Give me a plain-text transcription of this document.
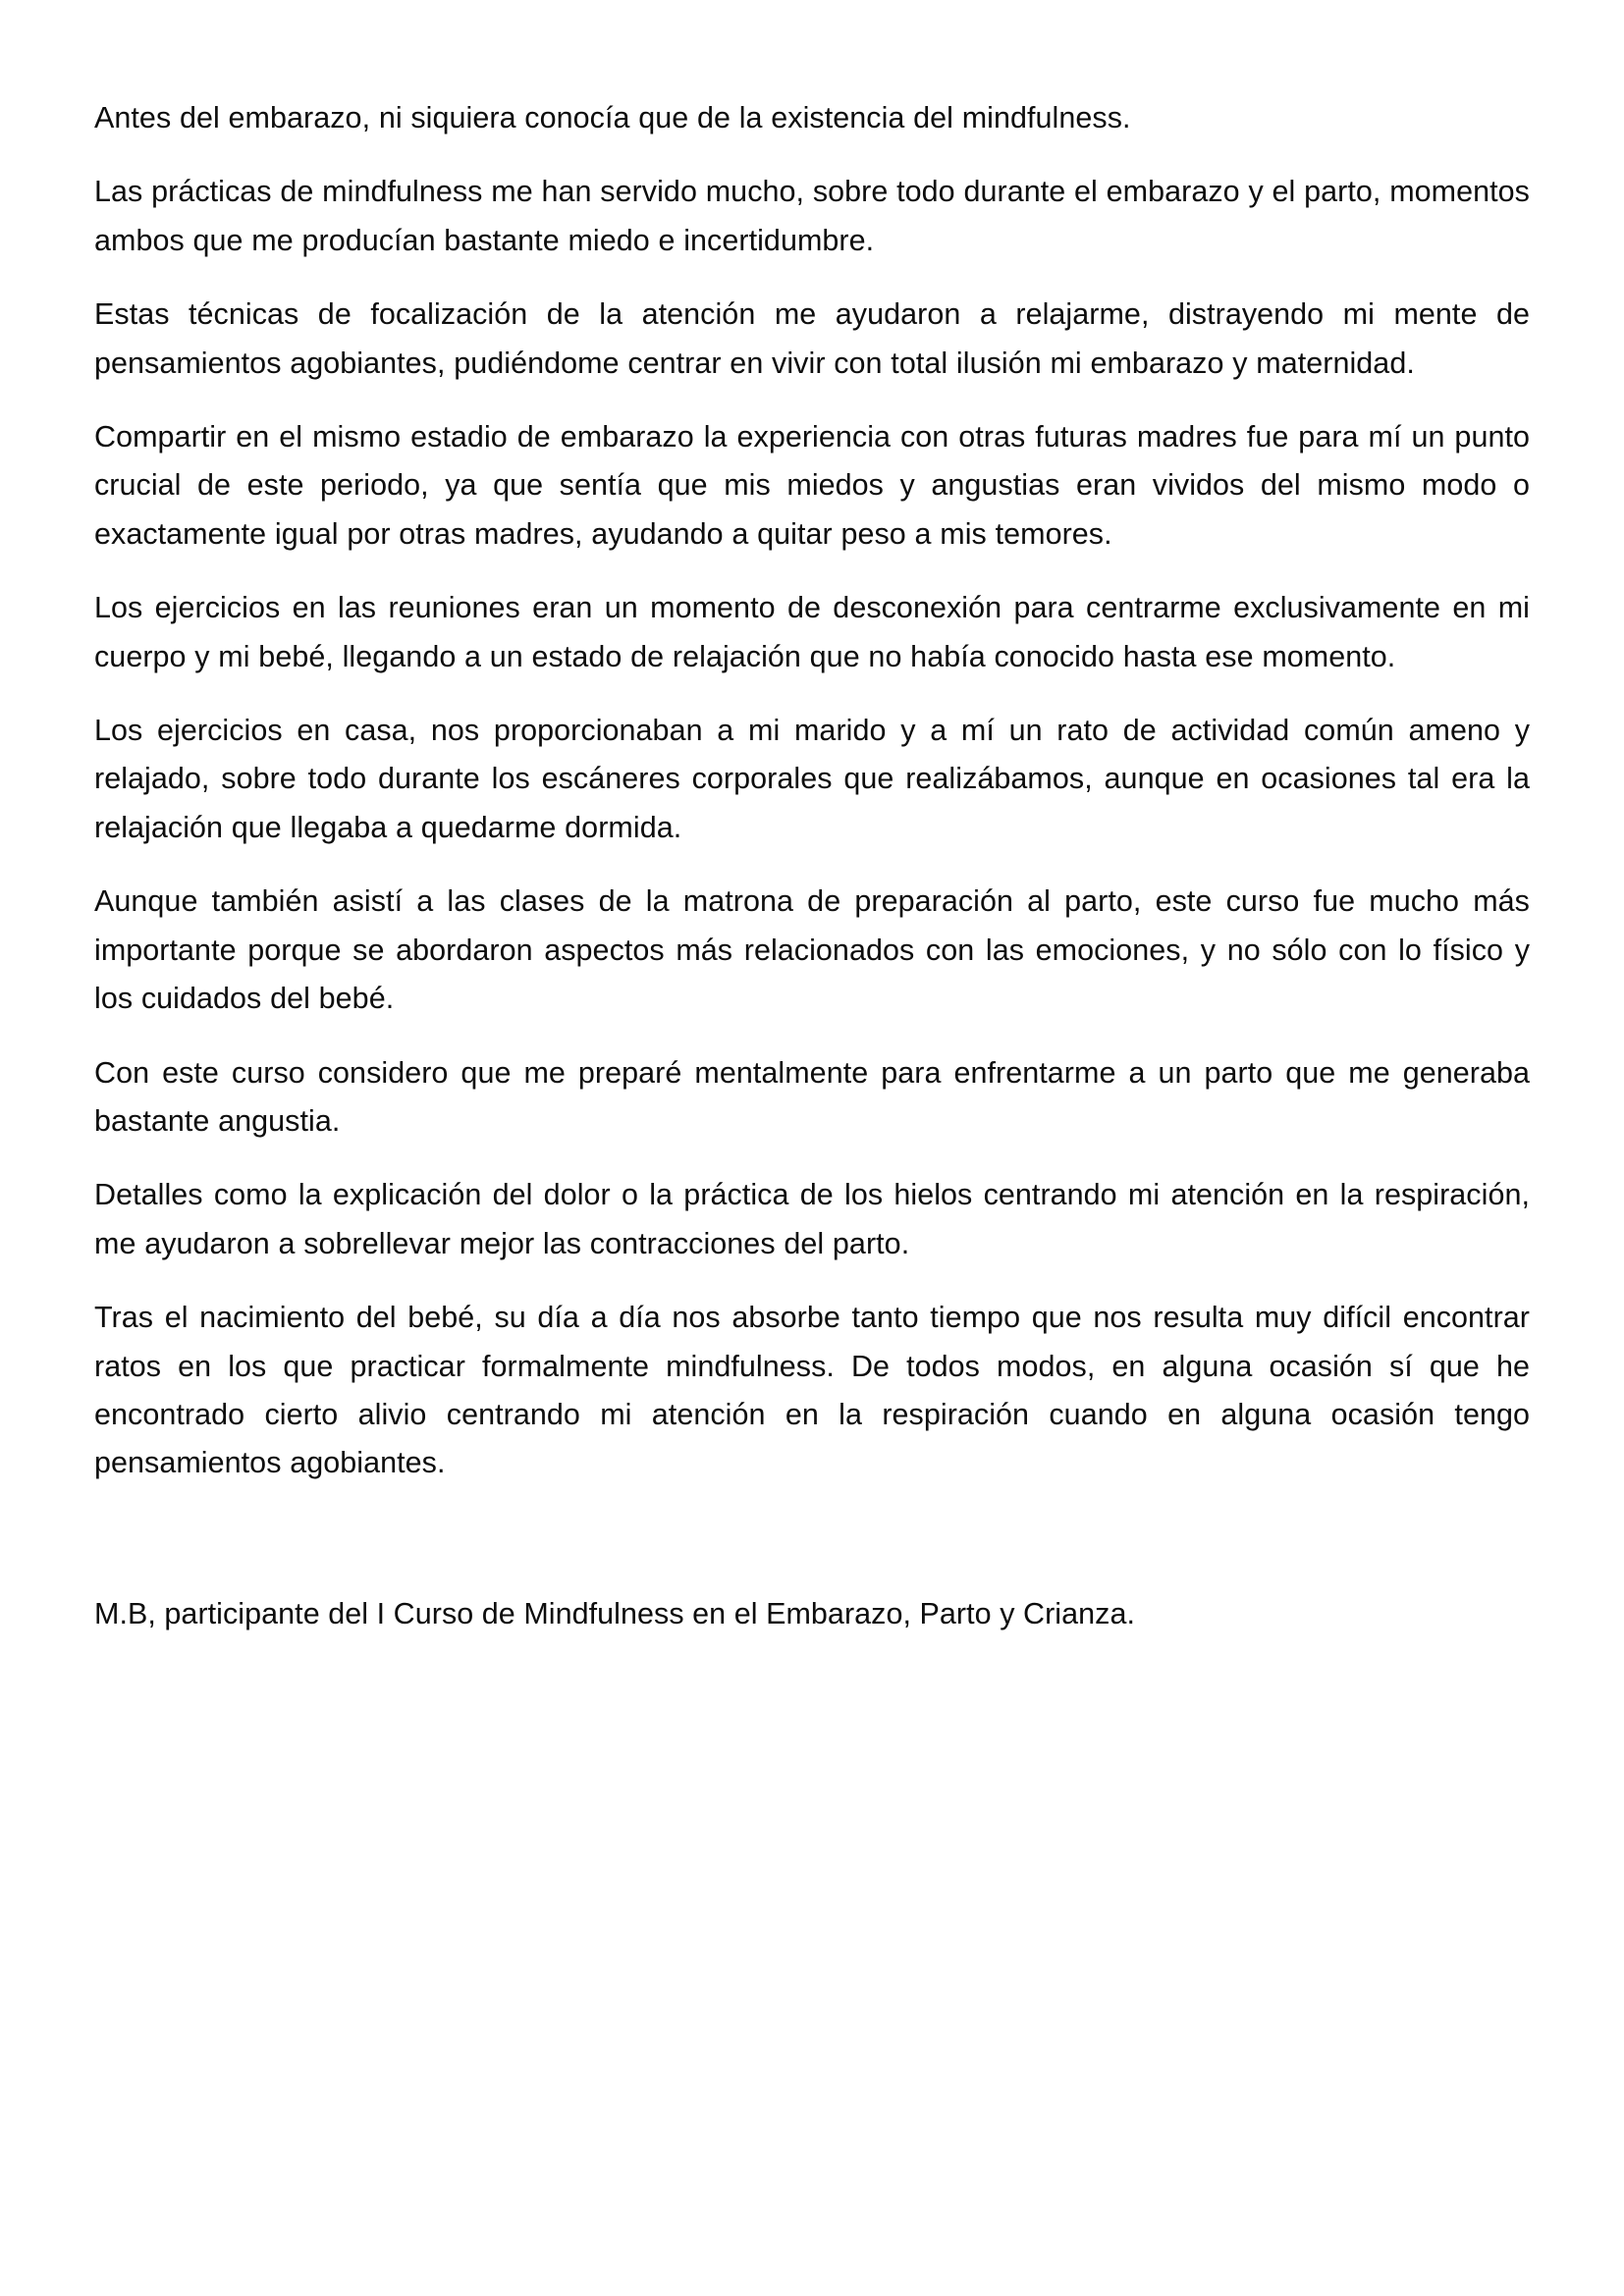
Antes del embarazo, ni siquiera conocía que de la existencia del mindfulness.

Las prácticas de mindfulness me han servido mucho, sobre todo durante el embarazo y el parto, momentos ambos que me producían bastante miedo e incertidumbre.

Estas técnicas de focalización de la atención me ayudaron a relajarme, distrayendo mi mente de pensamientos agobiantes, pudiéndome centrar en vivir con total ilusión mi embarazo y maternidad.

Compartir en el mismo estadio de embarazo la experiencia con otras futuras madres fue para mí un punto crucial de este periodo, ya que sentía que mis miedos y angustias eran vividos del mismo modo o exactamente igual por otras madres, ayudando a quitar peso a mis temores.

Los ejercicios en las reuniones eran un momento de desconexión para centrarme exclusivamente en mi cuerpo y mi bebé, llegando a un estado de relajación que no había conocido hasta ese momento.

Los ejercicios en casa, nos proporcionaban a mi marido y a mí un rato de actividad común ameno y relajado, sobre todo durante los escáneres corporales que realizábamos, aunque en ocasiones tal era la relajación que llegaba a quedarme dormida.

Aunque también asistí a las clases de la matrona de preparación al parto, este curso fue mucho más importante porque se abordaron aspectos más relacionados con las emociones, y no sólo con lo físico y los cuidados del bebé.

Con este curso considero que me preparé mentalmente para enfrentarme a un parto que me generaba bastante angustia.

Detalles como la explicación del dolor o la práctica de los hielos centrando mi atención en la respiración, me ayudaron a sobrellevar mejor las contracciones del parto.

Tras el nacimiento del bebé, su día a día nos absorbe tanto tiempo que nos resulta muy difícil encontrar ratos en los que practicar formalmente mindfulness. De todos modos, en alguna ocasión sí que he encontrado cierto alivio centrando mi atención en la respiración cuando en alguna ocasión tengo pensamientos agobiantes.

M.B, participante del I Curso de Mindfulness en el Embarazo, Parto y Crianza.
